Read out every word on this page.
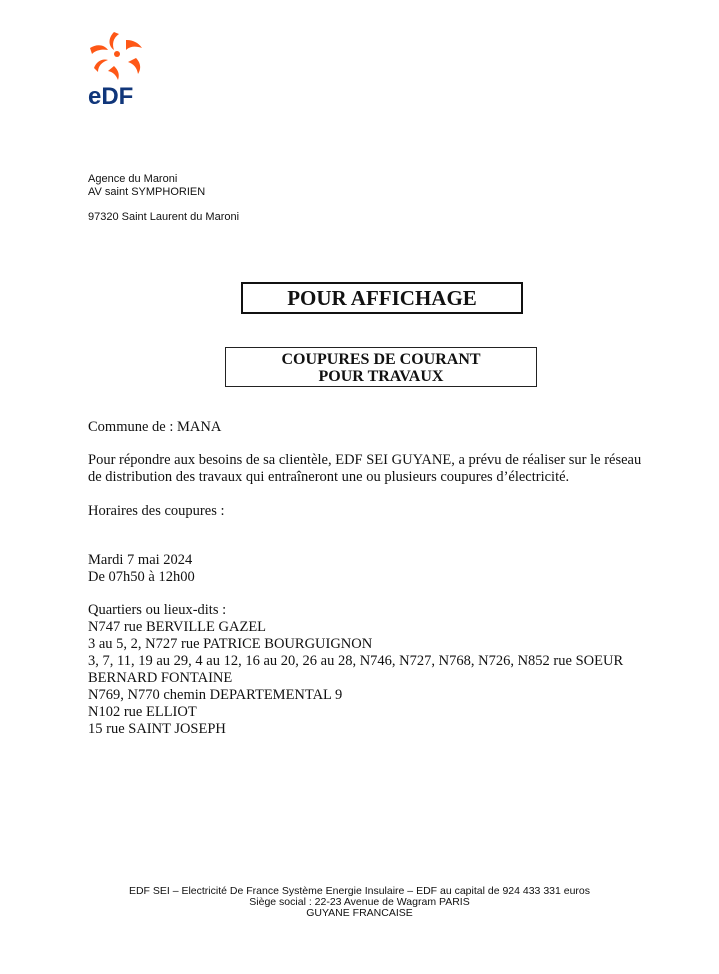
eDF
Agence du Maroni
AV saint SYMPHORIEN
97320 Saint Laurent du Maroni
POUR AFFICHAGE
COUPURES DE COURANT
POUR TRAVAUX
Commune de : MANA
Pour répondre aux besoins de sa clientèle, EDF SEI GUYANE, a prévu de réaliser sur le réseau
de distribution des travaux qui entraîneront une ou plusieurs coupures d’électricité.
Horaires des coupures :
Mardi 7 mai 2024
De 07h50 à 12h00
Quartiers ou lieux-dits :
N747 rue BERVILLE GAZEL
3 au 5, 2, N727 rue PATRICE BOURGUIGNON
3, 7, 11, 19 au 29, 4 au 12, 16 au 20, 26 au 28, N746, N727, N768, N726, N852 rue SOEUR
BERNARD FONTAINE
N769, N770 chemin DEPARTEMENTAL 9
N102 rue ELLIOT
15 rue SAINT JOSEPH
EDF SEI – Electricité De France Système Energie Insulaire – EDF au capital de 924 433 331 euros
Siège social : 22-23 Avenue de Wagram PARIS
GUYANE FRANCAISE
